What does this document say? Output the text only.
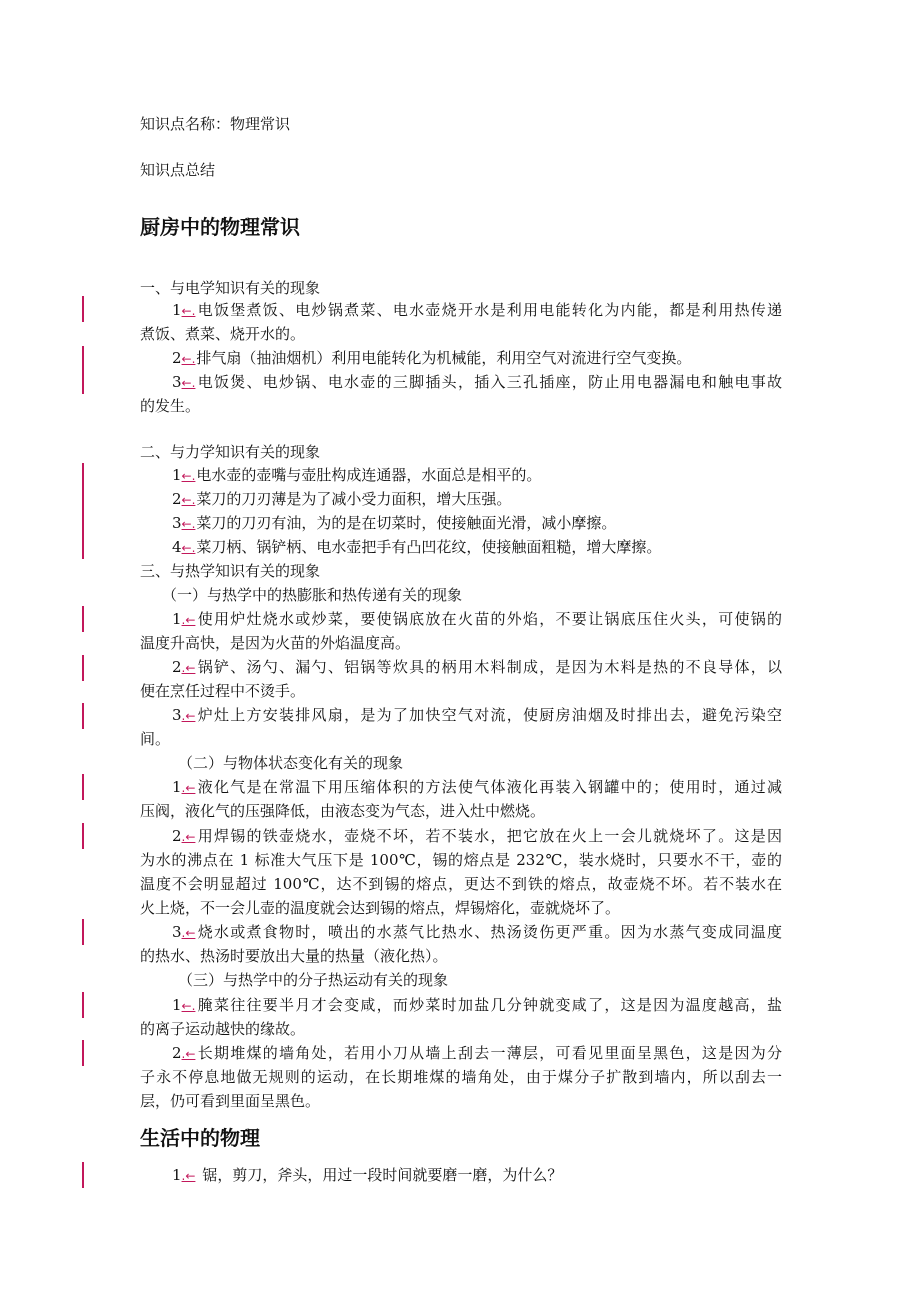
知识点名称：物理常识
知识点总结
厨房中的物理常识
一、与电学知识有关的现象
1←.电饭堡煮饭、电炒锅煮菜、电水壶烧开水是利用电能转化为内能，都是利用热传递
煮饭、煮菜、烧开水的。
2←.排气扇（抽油烟机）利用电能转化为机械能，利用空气对流进行空气变换。
3←.电饭煲、电炒锅、电水壶的三脚插头，插入三孔插座，防止用电器漏电和触电事故
的发生。
二、与力学知识有关的现象
1←.电水壶的壶嘴与壶肚构成连通器，水面总是相平的。
2←.菜刀的刀刃薄是为了减小受力面积，增大压强。
3←.菜刀的刀刃有油，为的是在切菜时，使接触面光滑，减小摩擦。
4←.菜刀柄、锅铲柄、电水壶把手有凸凹花纹，使接触面粗糙，增大摩擦。
三、与热学知识有关的现象
（一）与热学中的热膨胀和热传递有关的现象
1.←使用炉灶烧水或炒菜，要使锅底放在火苗的外焰，不要让锅底压住火头，可使锅的
温度升高快，是因为火苗的外焰温度高。
2.←锅铲、汤勺、漏勺、铝锅等炊具的柄用木料制成，是因为木料是热的不良导体，以
便在烹任过程中不烫手。
3.←炉灶上方安装排风扇，是为了加快空气对流，使厨房油烟及时排出去，避免污染空
间。
（二）与物体状态变化有关的现象
1.←液化气是在常温下用压缩体积的方法使气体液化再装入钢罐中的；使用时，通过减
压阀，液化气的压强降低，由液态变为气态，进入灶中燃烧。
2.←用焊锡的铁壶烧水，壶烧不坏，若不装水，把它放在火上一会儿就烧坏了。这是因
为水的沸点在 1 标准大气压下是 100℃，锡的熔点是 232℃，装水烧时，只要水不干，壶的
温度不会明显超过 100℃，达不到锡的熔点，更达不到铁的熔点，故壶烧不坏。若不装水在
火上烧，不一会儿壶的温度就会达到锡的熔点，焊锡熔化，壶就烧坏了。
3.←烧水或煮食物时，喷出的水蒸气比热水、热汤烫伤更严重。因为水蒸气变成同温度
的热水、热汤时要放出大量的热量（液化热）。
（三）与热学中的分子热运动有关的现象
1←.腌菜往往要半月才会变咸，而炒菜时加盐几分钟就变咸了，这是因为温度越高，盐
的离子运动越快的缘故。
2.←长期堆煤的墙角处，若用小刀从墙上刮去一薄层，可看见里面呈黑色，这是因为分
子永不停息地做无规则的运动，在长期堆煤的墙角处，由于煤分子扩散到墙内，所以刮去一
层，仍可看到里面呈黑色。
生活中的物理
1.← 锯，剪刀，斧头，用过一段时间就要磨一磨，为什么？
